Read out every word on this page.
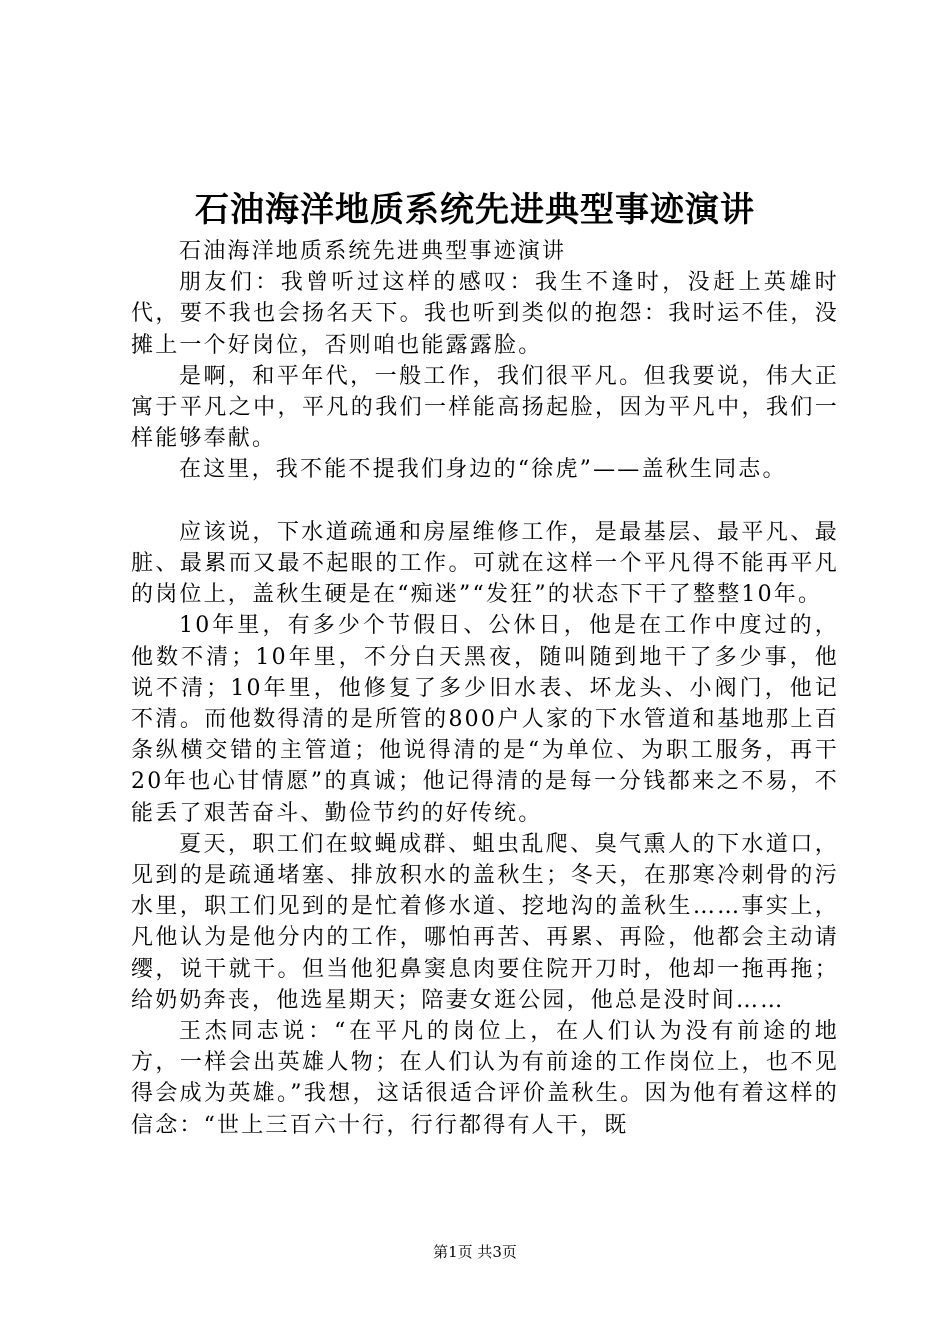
石油海洋地质系统先进典型事迹演讲

石油海洋地质系统先进典型事迹演讲

朋友们：我曾听过这样的感叹：我生不逢时，没赶上英雄时代，要不我也会扬名天下。我也听到类似的抱怨：我时运不佳，没摊上一个好岗位，否则咱也能露露脸。

是啊，和平年代，一般工作，我们很平凡。但我要说，伟大正寓于平凡之中，平凡的我们一样能高扬起脸，因为平凡中，我们一样能够奉献。

在这里，我不能不提我们身边的“徐虎”——盖秋生同志。

应该说，下水道疏通和房屋维修工作，是最基层、最平凡、最脏、最累而又最不起眼的工作。可就在这样一个平凡得不能再平凡的岗位上，盖秋生硬是在“痴迷”“发狂”的状态下干了整整10年。

10年里，有多少个节假日、公休日，他是在工作中度过的，他数不清；10年里，不分白天黑夜，随叫随到地干了多少事，他说不清；10年里，他修复了多少旧水表、坏龙头、小阀门，他记不清。而他数得清的是所管的800户人家的下水管道和基地那上百条纵横交错的主管道；他说得清的是“为单位、为职工服务，再干20年也心甘情愿”的真诚；他记得清的是每一分钱都来之不易，不能丢了艰苦奋斗、勤俭节约的好传统。

夏天，职工们在蚊蝇成群、蛆虫乱爬、臭气熏人的下水道口，见到的是疏通堵塞、排放积水的盖秋生；冬天，在那寒冷刺骨的污水里，职工们见到的是忙着修水道、挖地沟的盖秋生……事实上，凡他认为是他分内的工作，哪怕再苦、再累、再险，他都会主动请缨，说干就干。但当他犯鼻窦息肉要住院开刀时，他却一拖再拖；给奶奶奔丧，他选星期天；陪妻女逛公园，他总是没时间……

王杰同志说：“在平凡的岗位上，在人们认为没有前途的地方，一样会出英雄人物；在人们认为有前途的工作岗位上，也不见得会成为英雄。”我想，这话很适合评价盖秋生。因为他有着这样的信念：“世上三百六十行，行行都得有人干，既

第1页 共3页
